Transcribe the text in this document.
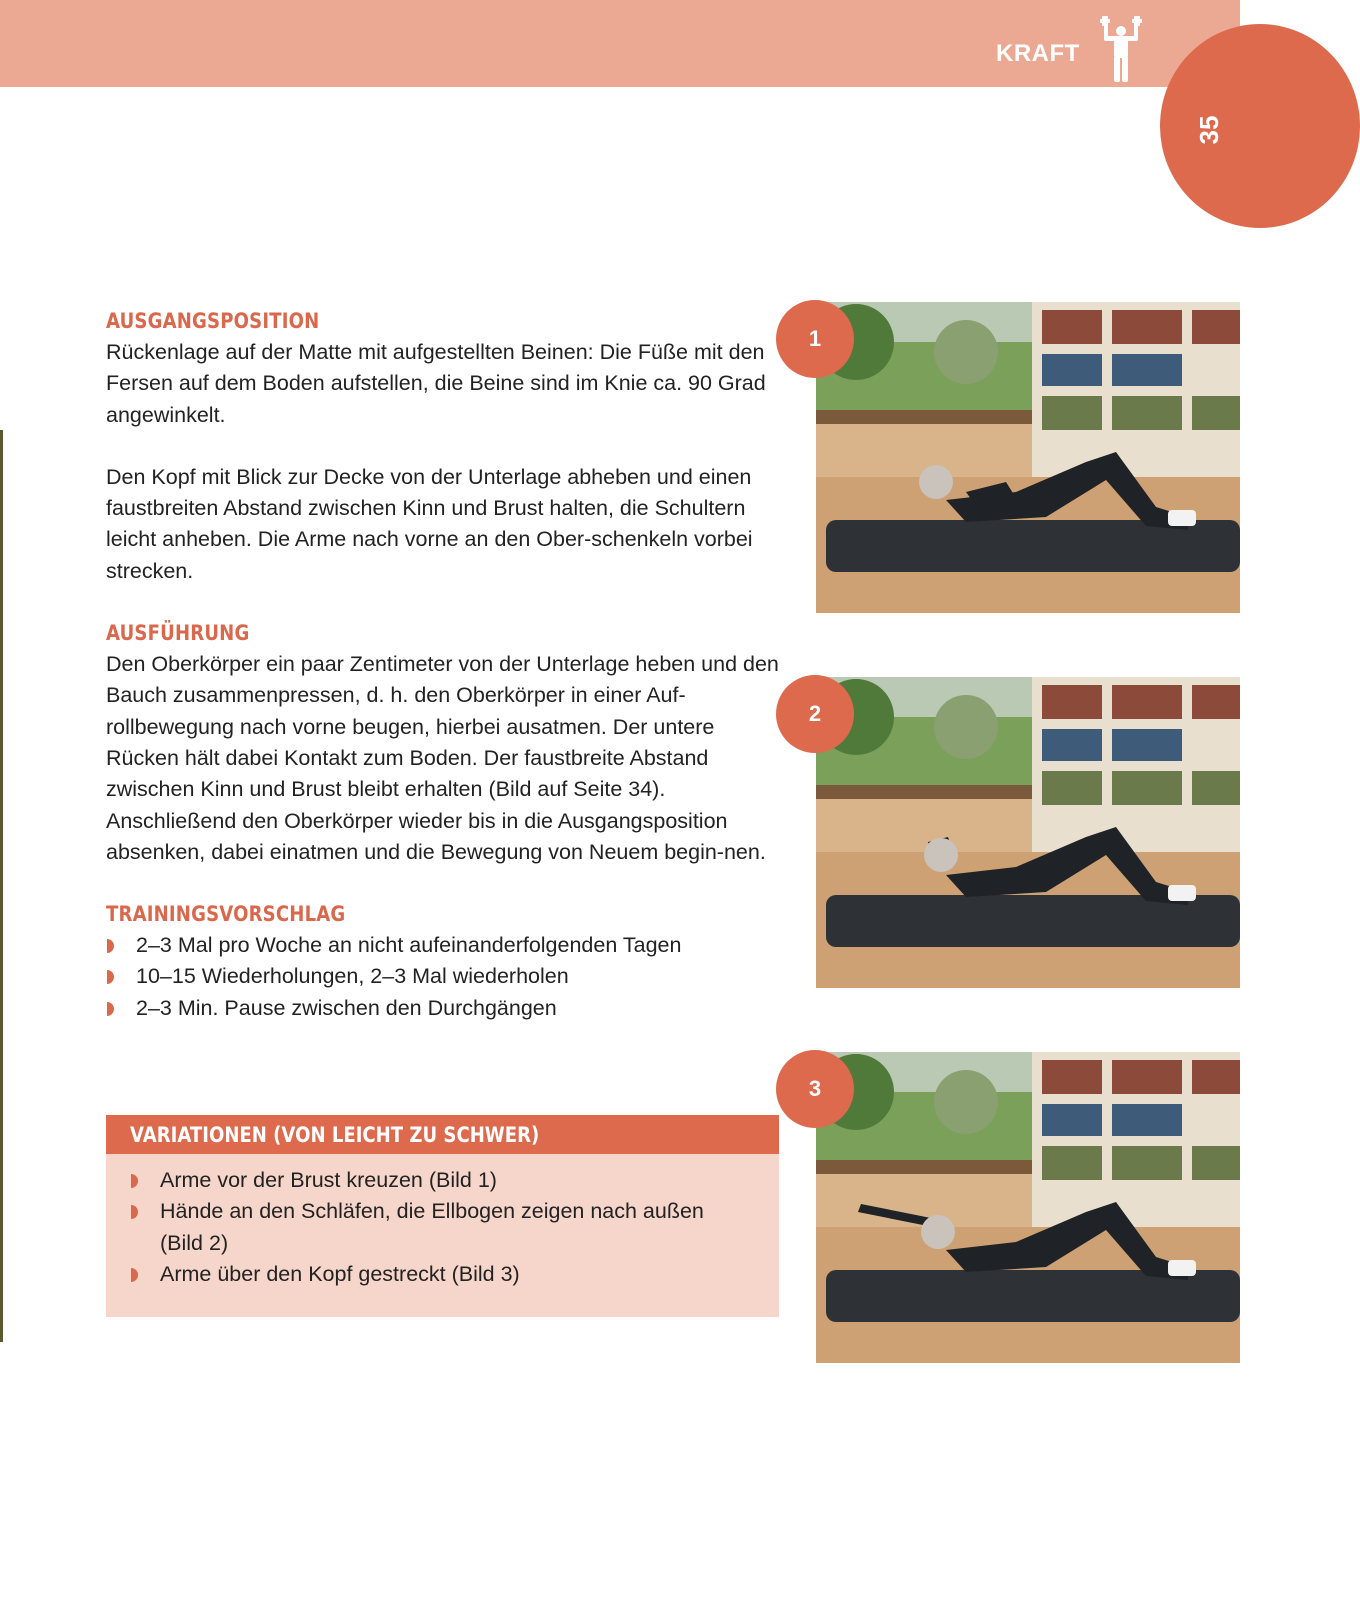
KRAFT
35
AUSGANGSPOSITION

Rückenlage auf der Matte mit aufgestellten Beinen: Die Füße mit den Fersen auf dem Boden aufstellen, die Beine sind im Knie ca. 90 Grad angewinkelt.

Den Kopf mit Blick zur Decke von der Unterlage abheben und einen faustbreiten Abstand zwischen Kinn und Brust halten, die Schultern leicht anheben. Die Arme nach vorne an den Ober-schenkeln vorbei strecken.

AUSFÜHRUNG

Den Oberkörper ein paar Zentimeter von der Unterlage heben und den Bauch zusammenpressen, d. h. den Oberkörper in einer Auf-rollbewegung nach vorne beugen, hierbei ausatmen. Der untere Rücken hält dabei Kontakt zum Boden. Der faustbreite Abstand zwischen Kinn und Brust bleibt erhalten (Bild auf Seite 34). Anschließend den Oberkörper wieder bis in die Ausgangsposition absenken, dabei einatmen und die Bewegung von Neuem begin-nen.

TRAININGSVORSCHLAG
2–3 Mal pro Woche an nicht aufeinanderfolgenden Tagen
10–15 Wiederholungen, 2–3 Mal wiederholen
2–3 Min. Pause zwischen den Durchgängen
VARIATIONEN (VON LEICHT ZU SCHWER)
Arme vor der Brust kreuzen (Bild 1)
Hände an den Schläfen, die Ellbogen zeigen nach außen (Bild 2)
Arme über den Kopf gestreckt (Bild 3)
1
2
3
